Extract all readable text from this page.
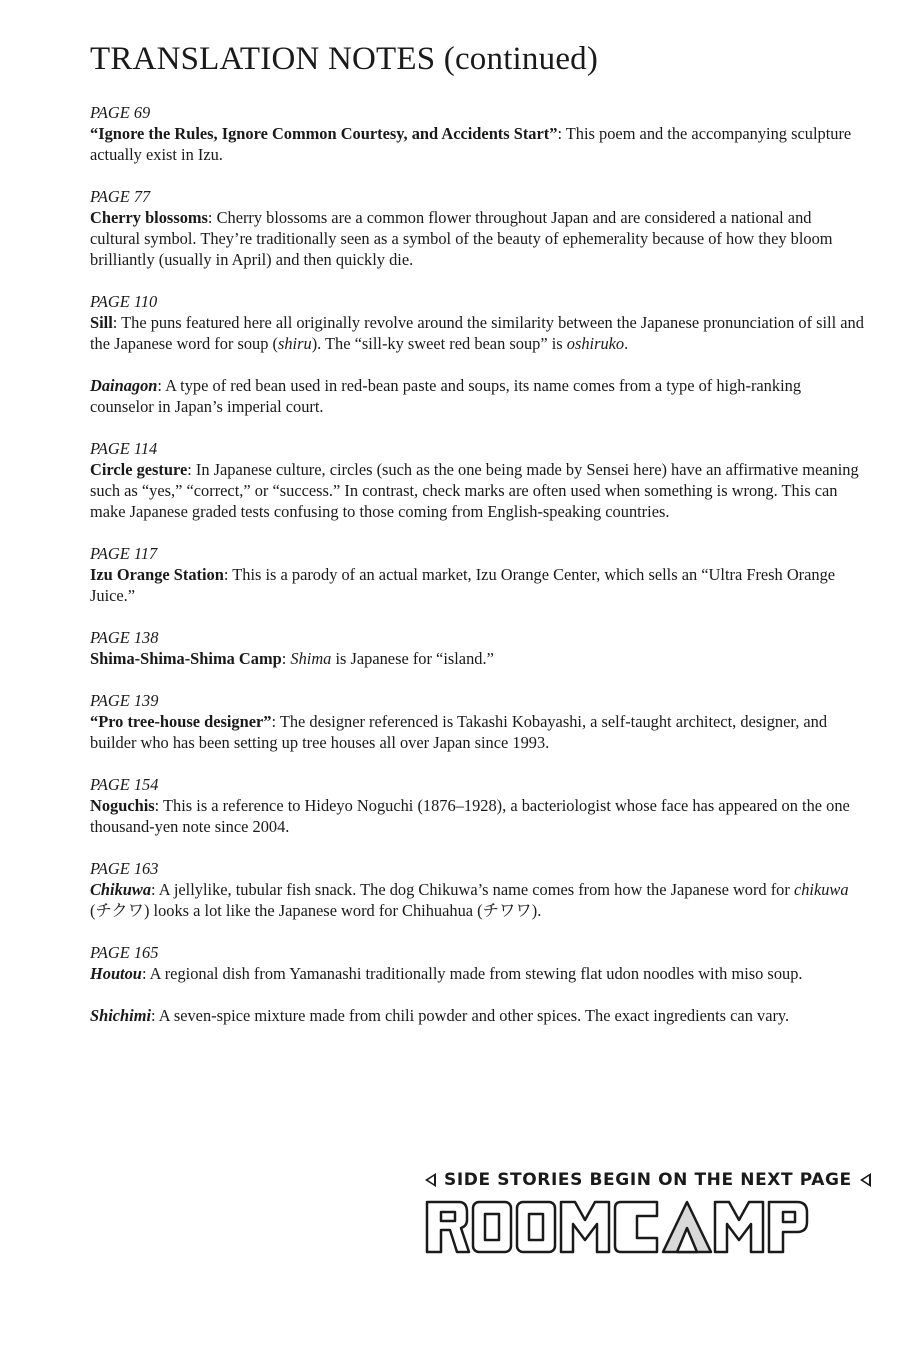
TRANSLATION NOTES (continued)

PAGE 69
“Ignore the Rules, Ignore Common Courtesy, and Accidents Start”: This poem and the accompanying sculpture actually exist in Izu.

PAGE 77
Cherry blossoms: Cherry blossoms are a common flower throughout Japan and are considered a national and cultural symbol. They’re traditionally seen as a symbol of the beauty of ephemerality because of how they bloom brilliantly (usually in April) and then quickly die.

PAGE 110
Sill: The puns featured here all originally revolve around the similarity between the Japanese pronunciation of sill and the Japanese word for soup (shiru). The “sill-ky sweet red bean soup” is oshiruko.

Dainagon: A type of red bean used in red-bean paste and soups, its name comes from a type of high-ranking counselor in Japan’s imperial court.

PAGE 114
Circle gesture: In Japanese culture, circles (such as the one being made by Sensei here) have an affirmative meaning such as “yes,” “correct,” or “success.” In contrast, check marks are often used when something is wrong. This can make Japanese graded tests confusing to those coming from English-speaking countries.

PAGE 117
Izu Orange Station: This is a parody of an actual market, Izu Orange Center, which sells an “Ultra Fresh Orange Juice.”

PAGE 138
Shima-Shima-Shima Camp: Shima is Japanese for “island.”

PAGE 139
“Pro tree-house designer”: The designer referenced is Takashi Kobayashi, a self-taught architect, designer, and builder who has been setting up tree houses all over Japan since 1993.

PAGE 154
Noguchis: This is a reference to Hideyo Noguchi (1876–1928), a bacteriologist whose face has appeared on the one thousand-yen note since 2004.

PAGE 163
Chikuwa: A jellylike, tubular fish snack. The dog Chikuwa’s name comes from how the Japanese word for chikuwa (チクワ) looks a lot like the Japanese word for Chihuahua (チワワ).

PAGE 165
Houtou: A regional dish from Yamanashi traditionally made from stewing flat udon noodles with miso soup.

Shichimi: A seven-spice mixture made from chili powder and other spices. The exact ingredients can vary.

SIDE STORIES BEGIN ON THE NEXT PAGE
